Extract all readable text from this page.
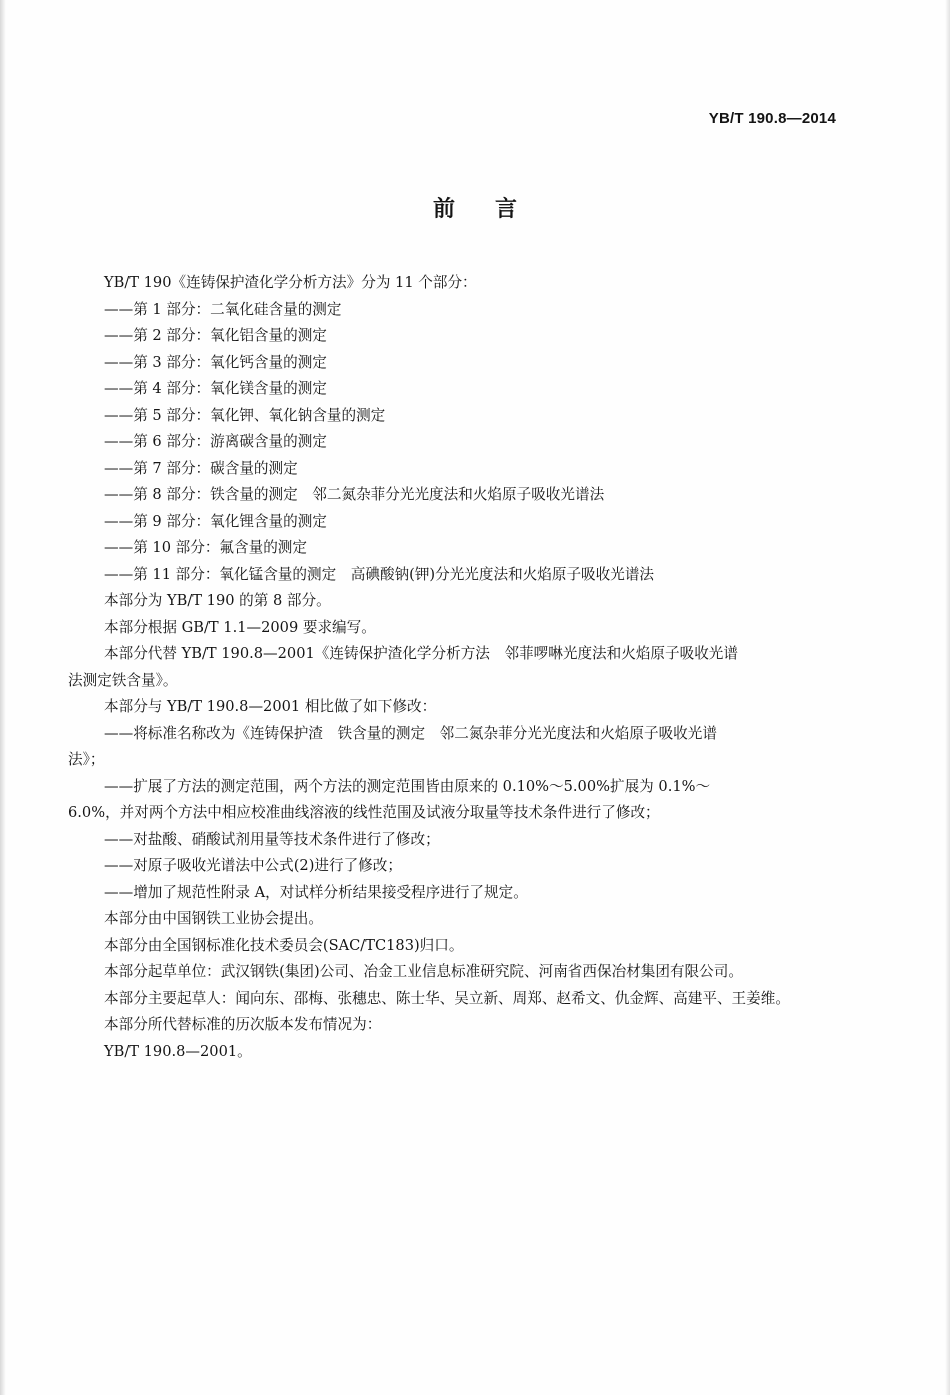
YB/T 190.8—2014
前言
YB/T 190《连铸保护渣化学分析方法》分为 11 个部分：
——第 1 部分：二氧化硅含量的测定
——第 2 部分：氧化铝含量的测定
——第 3 部分：氧化钙含量的测定
——第 4 部分：氧化镁含量的测定
——第 5 部分：氧化钾、氧化钠含量的测定
——第 6 部分：游离碳含量的测定
——第 7 部分：碳含量的测定
——第 8 部分：铁含量的测定　邻二氮杂菲分光光度法和火焰原子吸收光谱法
——第 9 部分：氧化锂含量的测定
——第 10 部分：氟含量的测定
——第 11 部分：氧化锰含量的测定　高碘酸钠(钾)分光光度法和火焰原子吸收光谱法
本部分为 YB/T 190 的第 8 部分。
本部分根据 GB/T 1.1—2009 要求编写。
本部分代替 YB/T 190.8—2001《连铸保护渣化学分析方法　邻菲啰啉光度法和火焰原子吸收光谱
法测定铁含量》。
本部分与 YB/T 190.8—2001 相比做了如下修改：
——将标准名称改为《连铸保护渣　铁含量的测定　邻二氮杂菲分光光度法和火焰原子吸收光谱
法》；
——扩展了方法的测定范围，两个方法的测定范围皆由原来的 0.10%～5.00%扩展为 0.1%～
6.0%，并对两个方法中相应校准曲线溶液的线性范围及试液分取量等技术条件进行了修改；
——对盐酸、硝酸试剂用量等技术条件进行了修改；
——对原子吸收光谱法中公式(2)进行了修改；
——增加了规范性附录 A，对试样分析结果接受程序进行了规定。
本部分由中国钢铁工业协会提出。
本部分由全国钢标准化技术委员会(SAC/TC183)归口。
本部分起草单位：武汉钢铁(集团)公司、冶金工业信息标准研究院、河南省西保冶材集团有限公司。
本部分主要起草人：闻向东、邵梅、张穗忠、陈士华、吴立新、周郑、赵希文、仇金辉、高建平、王姜维。
本部分所代替标准的历次版本发布情况为：
YB/T 190.8—2001。
